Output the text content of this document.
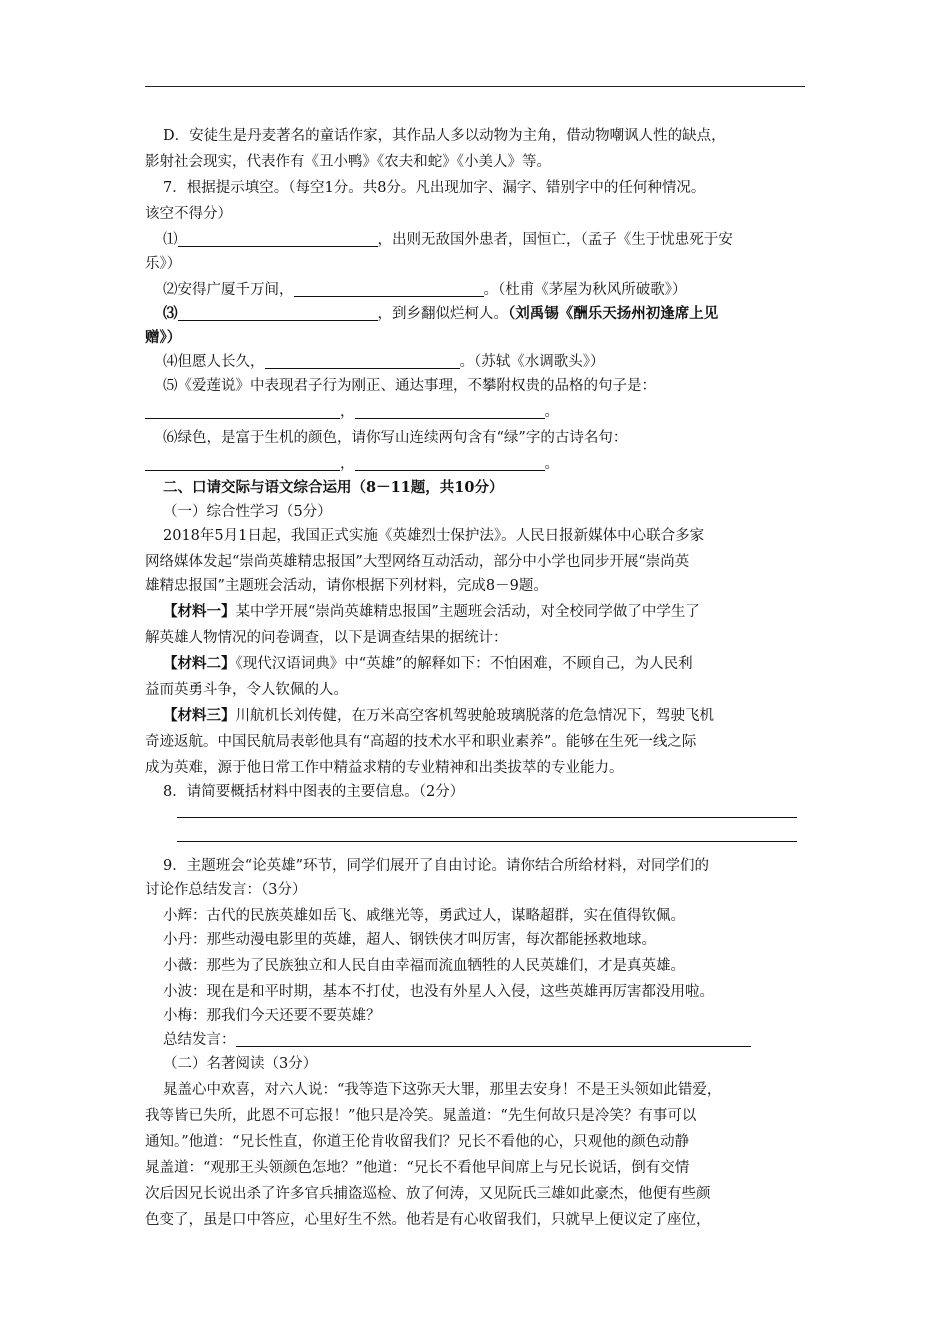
D．安徒生是丹麦著名的童话作家，其作品人多以动物为主角，借动物嘲讽人性的缺点，
影射社会现实，代表作有《丑小鸭》《农夫和蛇》《小美人》等。
7．根据提示填空。（每空1分。共8分。凡出现加字、漏字、错别字中的任何种情况。
该空不得分）
⑴	，出则无敌国外患者，国恒亡，（孟子《生于忧患死于安
乐》）
⑵安得广厦千万间，	。（杜甫《茅屋为秋风所破歌》）
⑶	，到乡翻似烂柯人。（刘禹锡《酬乐天扬州初逢席上见
赠》）
⑷但愿人长久，	。（苏轼《水调歌头》）
⑸《爱莲说》中表现君子行为刚正、通达事理，不攀附权贵的品格的句子是：
，	。
⑹绿色，是富于生机的颜色，请你写山连续两句含有“绿”字的古诗名句：
，	。
二、口请交际与语文综合运用（8－11题，共10分）
（一）综合性学习（5分）
2018年5月1日起，我国正式实施《英雄烈士保护法》。人民日报新媒体中心联合多家
网络媒体发起“崇尚英雄精忠报国”大型网络互动活动，部分中小学也同步开展“崇尚英
雄精忠报国”主题班会活动，请你根据下列材料，完成8－9题。
【材料一】某中学开展“崇尚英雄精忠报国”主题班会活动，对全校同学做了中学生了
解英雄人物情况的问卷调查，以下是调查结果的据统计：
【材料二】《现代汉语词典》中“英雄”的解释如下：不怕困难，不顾自己，为人民利
益而英勇斗争，令人钦佩的人。
【材料三】川航机长刘传健，在万米高空客机驾驶舱玻璃脱落的危急情况下，驾驶飞机
奇迹返航。中国民航局表彰他具有“高超的技术水平和职业素养”。能够在生死一线之际
成为英难，源于他日常工作中精益求精的专业精神和出类拔萃的专业能力。
8．请简要概括材料中图表的主要信息。（2分）
9．主题班会“论英雄”环节，同学们展开了自由讨论。请你结合所给材料，对同学们的
讨论作总结发言：（3分）
小辉：古代的民族英雄如岳飞、戚继光等，勇武过人，谋略超群，实在值得钦佩。
小丹：那些动漫电影里的英雄，超人、钢铁侠才叫厉害，每次都能拯救地球。
小薇：那些为了民族独立和人民自由幸福而流血牺牲的人民英雄们，才是真英雄。
小波：现在是和平时期，基本不打仗，也没有外星人入侵，这些英雄再厉害都没用啦。
小梅：那我们今天还要不要英雄？
总结发言：
（二）名著阅读（3分）
晁盖心中欢喜，对六人说：“我等造下这弥天大罪，那里去安身！不是王头领如此错爱，
我等皆已失所，此恩不可忘报！”他只是冷笑。晁盖道：“先生何故只是冷笑？有事可以
通知。”他道：“兄长性直，你道王伦肯收留我们？兄长不看他的心，只观他的颜色动静
晁盖道：“观那王头领颜色怎地？”他道：“兄长不看他早间席上与兄长说话，倒有交情
次后因兄长说出杀了许多官兵捕盗巡检、放了何涛，又见阮氏三雄如此豪杰，他便有些颜
色变了，虽是口中答应，心里好生不然。他若是有心收留我们，只就早上便议定了座位，
